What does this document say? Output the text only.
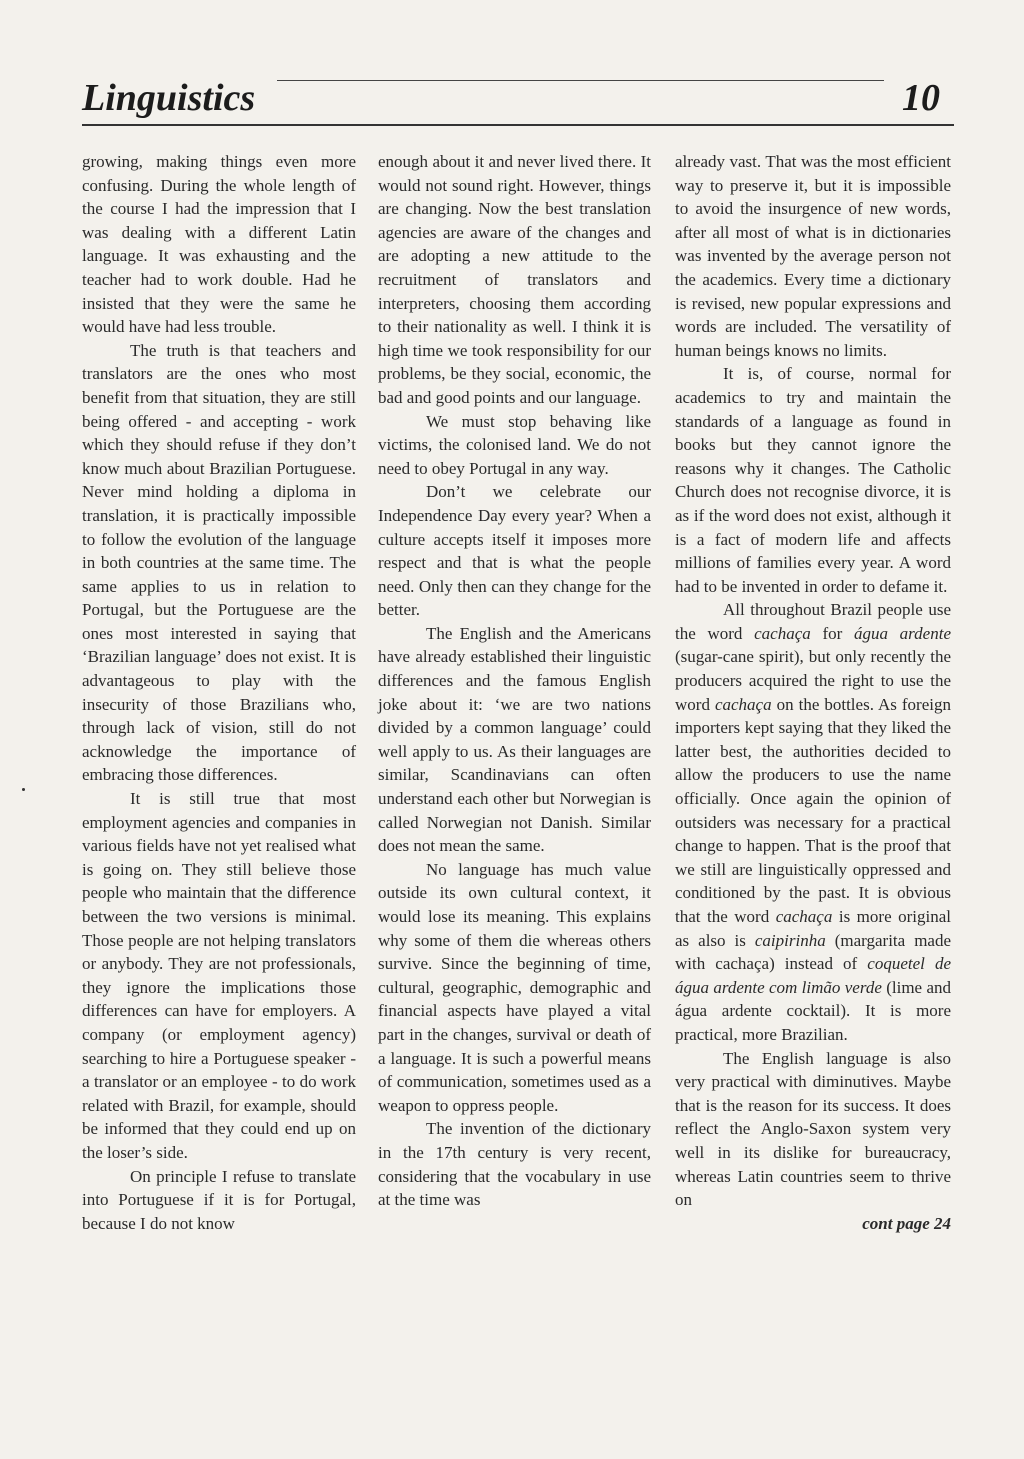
Linguistics	10

growing, making things even more confusing. During the whole length of the course I had the impression that I was dealing with a different Latin language. It was exhausting and the teacher had to work double. Had he insisted that they were the same he would have had less trouble.

The truth is that teachers and translators are the ones who most benefit from that situation, they are still being offered - and accepting - work which they should refuse if they don’t know much about Brazilian Portuguese. Never mind holding a diploma in translation, it is practically impossible to follow the evolution of the language in both countries at the same time. The same applies to us in relation to Portugal, but the Portuguese are the ones most interested in saying that ‘Brazilian language’ does not exist. It is advantageous to play with the insecurity of those Brazilians who, through lack of vision, still do not acknowledge the importance of embracing those differences.

It is still true that most employment agencies and companies in various fields have not yet realised what is going on. They still believe those people who maintain that the difference between the two versions is minimal. Those people are not helping translators or anybody. They are not professionals, they ignore the implications those differences can have for employers. A company (or employment agency) searching to hire a Portuguese speaker - a translator or an employee - to do work related with Brazil, for example, should be informed that they could end up on the loser’s side.

On principle I refuse to translate into Portuguese if it is for Portugal, because I do not know

enough about it and never lived there. It would not sound right. However, things are changing. Now the best translation agencies are aware of the changes and are adopting a new attitude to the recruitment of translators and interpreters, choosing them according to their nationality as well. I think it is high time we took responsibility for our problems, be they social, economic, the bad and good points and our language.

We must stop behaving like victims, the colonised land. We do not need to obey Portugal in any way.

Don’t we celebrate our Independence Day every year? When a culture accepts itself it imposes more respect and that is what the people need. Only then can they change for the better.

The English and the Americans have already established their linguistic differences and the famous English joke about it: ‘we are two nations divided by a common language’ could well apply to us. As their languages are similar, Scandinavians can often understand each other but Norwegian is called Norwegian not Danish. Similar does not mean the same.

No language has much value outside its own cultural context, it would lose its meaning. This explains why some of them die whereas others survive. Since the beginning of time, cultural, geographic, demographic and financial aspects have played a vital part in the changes, survival or death of a language. It is such a powerful means of communication, sometimes used as a weapon to oppress people.

The invention of the dictionary in the 17th century is very recent, considering that the vocabulary in use at the time was

already vast. That was the most efficient way to preserve it, but it is impossible to avoid the insurgence of new words, after all most of what is in dictionaries was invented by the average person not the academics. Every time a dictionary is revised, new popular expressions and words are included. The versatility of human beings knows no limits.

It is, of course, normal for academics to try and maintain the standards of a language as found in books but they cannot ignore the reasons why it changes. The Catholic Church does not recognise divorce, it is as if the word does not exist, although it is a fact of modern life and affects millions of families every year. A word had to be invented in order to defame it.

All throughout Brazil people use the word cachaça for água ardente (sugar-cane spirit), but only recently the producers acquired the right to use the word cachaça on the bottles. As foreign importers kept saying that they liked the latter best, the authorities decided to allow the producers to use the name officially. Once again the opinion of outsiders was necessary for a practical change to happen. That is the proof that we still are linguistically oppressed and conditioned by the past. It is obvious that the word cachaça is more original as also is caipirinha (margarita made with cachaça) instead of coquetel de água ardente com limão verde (lime and água ardente cocktail). It is more practical, more Brazilian.

The English language is also very practical with diminutives. Maybe that is the reason for its success. It does reflect the Anglo-Saxon system very well in its dislike for bureaucracy, whereas Latin countries seem to thrive on

cont page 24
